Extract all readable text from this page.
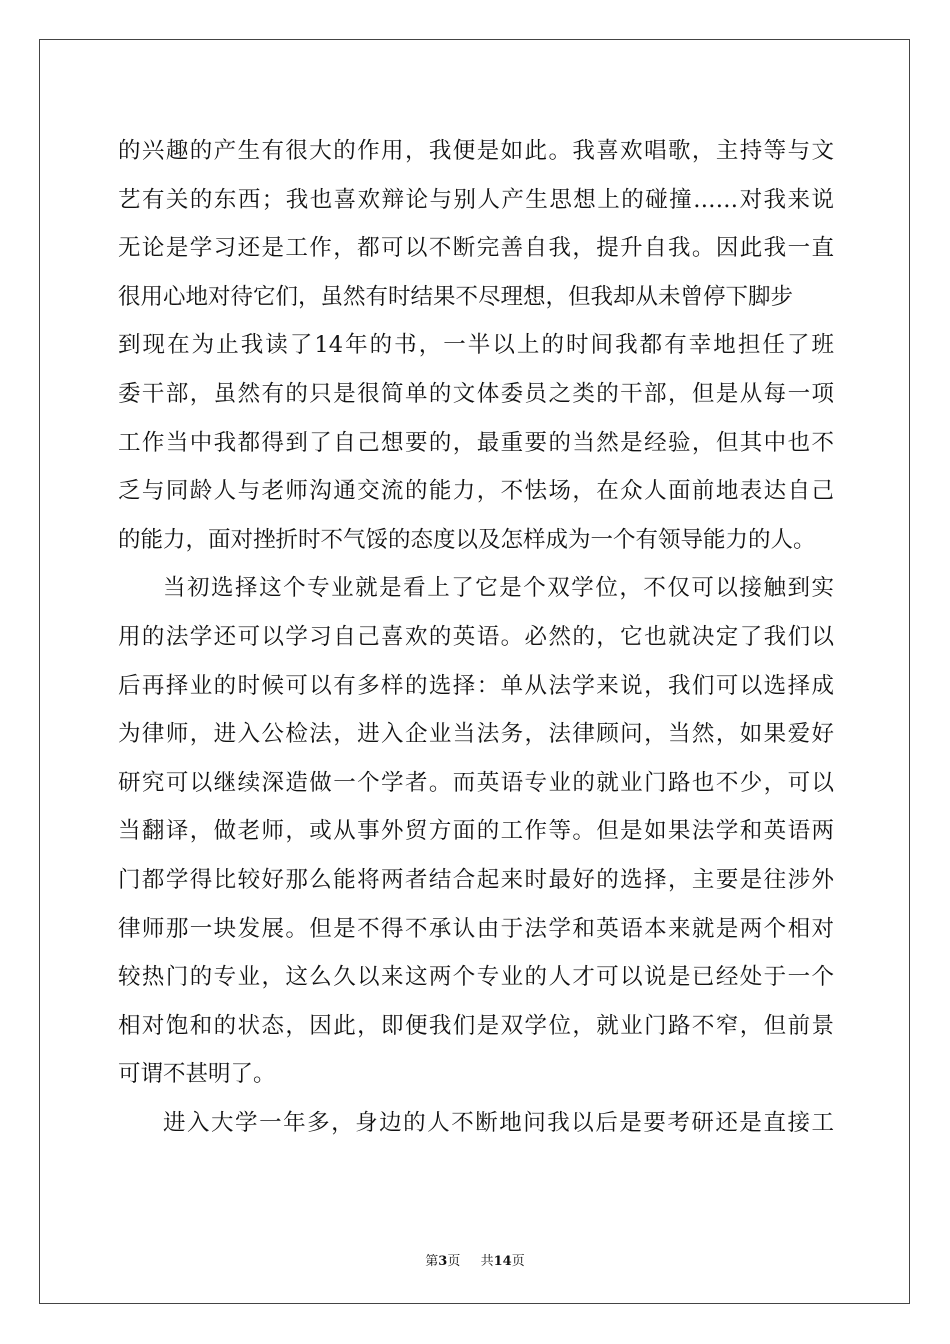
的兴趣的产生有很大的作用，我便是如此。我喜欢唱歌，主持等与文
艺有关的东西；我也喜欢辩论与别人产生思想上的碰撞……对我来说
无论是学习还是工作，都可以不断完善自我，提升自我。因此我一直
很用心地对待它们，虽然有时结果不尽理想，但我却从未曾停下脚步
到现在为止我读了14年的书，一半以上的时间我都有幸地担任了班
委干部，虽然有的只是很简单的文体委员之类的干部，但是从每一项
工作当中我都得到了自己想要的，最重要的当然是经验，但其中也不
乏与同龄人与老师沟通交流的能力，不怯场，在众人面前地表达自己
的能力，面对挫折时不气馁的态度以及怎样成为一个有领导能力的人。
当初选择这个专业就是看上了它是个双学位，不仅可以接触到实
用的法学还可以学习自己喜欢的英语。必然的，它也就决定了我们以
后再择业的时候可以有多样的选择：单从法学来说，我们可以选择成
为律师，进入公检法，进入企业当法务，法律顾问，当然，如果爱好
研究可以继续深造做一个学者。而英语专业的就业门路也不少，可以
当翻译，做老师，或从事外贸方面的工作等。但是如果法学和英语两
门都学得比较好那么能将两者结合起来时最好的选择，主要是往涉外
律师那一块发展。但是不得不承认由于法学和英语本来就是两个相对
较热门的专业，这么久以来这两个专业的人才可以说是已经处于一个
相对饱和的状态，因此，即便我们是双学位，就业门路不窄，但前景
可谓不甚明了。
进入大学一年多，身边的人不断地问我以后是要考研还是直接工
第3页 共14页
